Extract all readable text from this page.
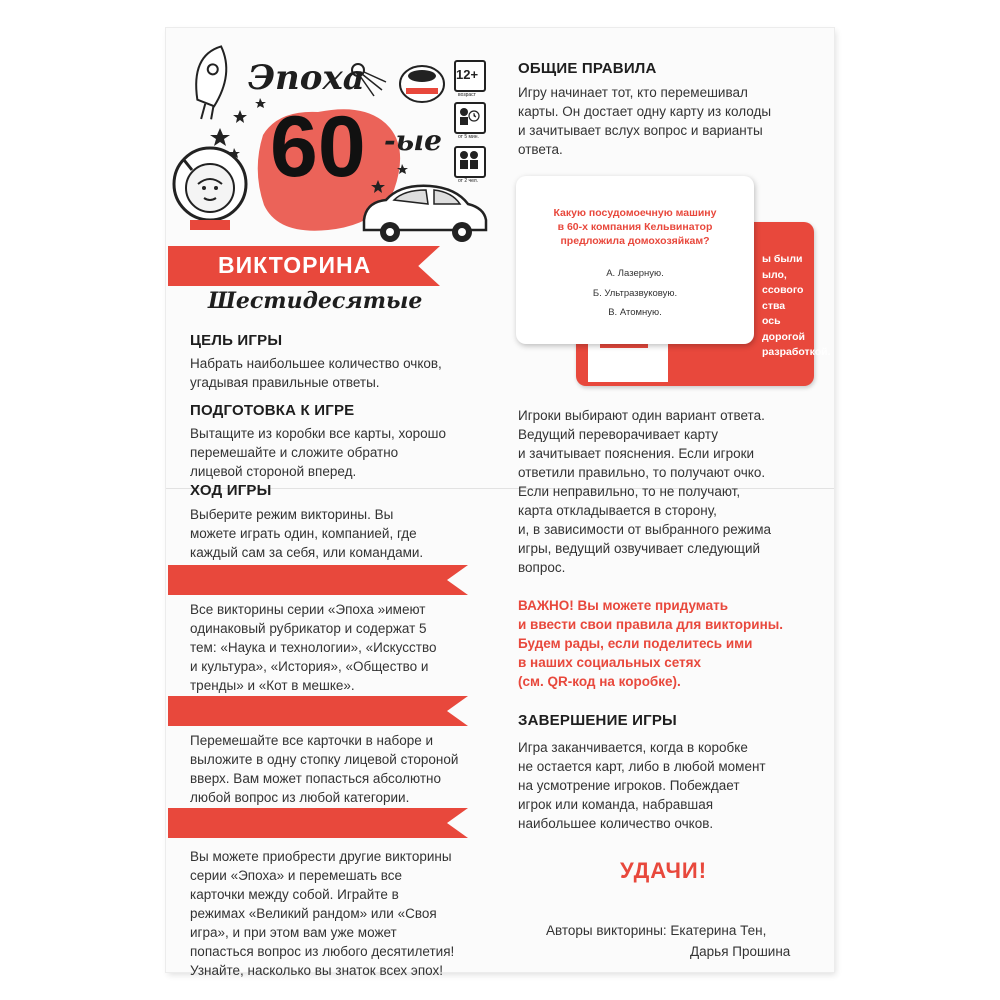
Эпоха
60 -ые
12+
возраст
от 5 мин.
от 2 чел.
ВИКТОРИНА
Шестидесятые
ЦЕЛЬ ИГРЫ
Набрать наибольшее количество очков,
угадывая правильные ответы.
ПОДГОТОВКА К ИГРЕ
Вытащите из коробки все карты, хорошо
перемешайте и сложите обратно
лицевой стороной вперед.
ХОД ИГРЫ
Выберите режим викторины. Вы
можете играть один, компанией, где
каждый сам за себя, или командами.
Все викторины серии «Эпоха »имеют
одинаковый рубрикатор и содержат 5
тем: «Наука и технологии», «Искусство
и культура», «История», «Общество и
тренды» и «Кот в мешке».
Перемешайте все карточки в наборе и
выложите в одну стопку лицевой стороной
вверх. Вам может попасться абсолютно
любой вопрос из любой категории.
Вы можете приобрести другие викторины
серии «Эпоха» и перемешать все
карточки между собой. Играйте в
режимах «Великий рандом» или «Своя
игра», и при этом вам уже может
попасться вопрос из любого десятилетия!
Узнайте, насколько вы знаток всех эпох!
ОБЩИЕ ПРАВИЛА
Игру начинает тот, кто перемешивал
карты. Он достает одну карту из колоды
и зачитывает вслух вопрос и варианты
ответа.
ы были
ыло,
ссового
ства
ось
дорогой
разработкой.
Какую посудомоечную машину
в 60-х компания Кельвинатор
предложила домохозяйкам?
А. Лазерную.
Б. Ультразвуковую.
В. Атомную.
Игроки выбирают один вариант ответа.
Ведущий переворачивает карту
и зачитывает пояснения. Если игроки
ответили правильно, то получают очко.
Если неправильно, то не получают,
карта откладывается в сторону,
и, в зависимости от выбранного режима
игры, ведущий озвучивает следующий
вопрос.
ВАЖНО! Вы можете придумать
и ввести свои правила для викторины.
Будем рады, если поделитесь ими
в наших социальных сетях
(см. QR-код на коробке).
ЗАВЕРШЕНИЕ ИГРЫ
Игра заканчивается, когда в коробке
не остается карт, либо в любой момент
на усмотрение игроков. Побеждает
игрок или команда, набравшая
наибольшее количество очков.
УДАЧИ!
Авторы викторины: Екатерина Тен,
Дарья Прошина
